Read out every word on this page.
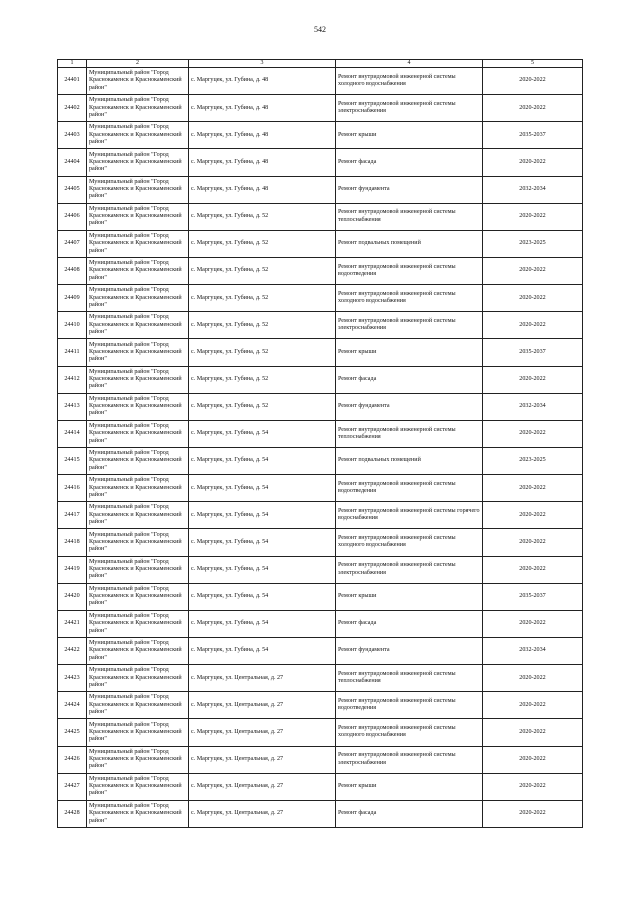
542
1	2	3	4	5
24401	Муниципальный район "Город Краснокаменск и Краснокаменский район"	с. Маргуцек, ул. Губина, д. 48	Ремонт внутридомовой инженерной системы холодного водоснабжения	2020-2022
24402	Муниципальный район "Город Краснокаменск и Краснокаменский район"	с. Маргуцек, ул. Губина, д. 48	Ремонт внутридомовой инженерной системы электроснабжения	2020-2022
24403	Муниципальный район "Город Краснокаменск и Краснокаменский район"	с. Маргуцек, ул. Губина, д. 48	Ремонт крыши	2035-2037
24404	Муниципальный район "Город Краснокаменск и Краснокаменский район"	с. Маргуцек, ул. Губина, д. 48	Ремонт фасада	2020-2022
24405	Муниципальный район "Город Краснокаменск и Краснокаменский район"	с. Маргуцек, ул. Губина, д. 48	Ремонт фундамента	2032-2034
24406	Муниципальный район "Город Краснокаменск и Краснокаменский район"	с. Маргуцек, ул. Губина, д. 52	Ремонт внутридомовой инженерной системы теплоснабжения	2020-2022
24407	Муниципальный район "Город Краснокаменск и Краснокаменский район"	с. Маргуцек, ул. Губина, д. 52	Ремонт подвальных помещений	2023-2025
24408	Муниципальный район "Город Краснокаменск и Краснокаменский район"	с. Маргуцек, ул. Губина, д. 52	Ремонт внутридомовой инженерной системы водоотведения	2020-2022
24409	Муниципальный район "Город Краснокаменск и Краснокаменский район"	с. Маргуцек, ул. Губина, д. 52	Ремонт внутридомовой инженерной системы холодного водоснабжения	2020-2022
24410	Муниципальный район "Город Краснокаменск и Краснокаменский район"	с. Маргуцек, ул. Губина, д. 52	Ремонт внутридомовой инженерной системы электроснабжения	2020-2022
24411	Муниципальный район "Город Краснокаменск и Краснокаменский район"	с. Маргуцек, ул. Губина, д. 52	Ремонт крыши	2035-2037
24412	Муниципальный район "Город Краснокаменск и Краснокаменский район"	с. Маргуцек, ул. Губина, д. 52	Ремонт фасада	2020-2022
24413	Муниципальный район "Город Краснокаменск и Краснокаменский район"	с. Маргуцек, ул. Губина, д. 52	Ремонт фундамента	2032-2034
24414	Муниципальный район "Город Краснокаменск и Краснокаменский район"	с. Маргуцек, ул. Губина, д. 54	Ремонт внутридомовой инженерной системы теплоснабжения	2020-2022
24415	Муниципальный район "Город Краснокаменск и Краснокаменский район"	с. Маргуцек, ул. Губина, д. 54	Ремонт подвальных помещений	2023-2025
24416	Муниципальный район "Город Краснокаменск и Краснокаменский район"	с. Маргуцек, ул. Губина, д. 54	Ремонт внутридомовой инженерной системы водоотведения	2020-2022
24417	Муниципальный район "Город Краснокаменск и Краснокаменский район"	с. Маргуцек, ул. Губина, д. 54	Ремонт внутридомовой инженерной системы горячего водоснабжения	2020-2022
24418	Муниципальный район "Город Краснокаменск и Краснокаменский район"	с. Маргуцек, ул. Губина, д. 54	Ремонт внутридомовой инженерной системы холодного водоснабжения	2020-2022
24419	Муниципальный район "Город Краснокаменск и Краснокаменский район"	с. Маргуцек, ул. Губина, д. 54	Ремонт внутридомовой инженерной системы электроснабжения	2020-2022
24420	Муниципальный район "Город Краснокаменск и Краснокаменский район"	с. Маргуцек, ул. Губина, д. 54	Ремонт крыши	2035-2037
24421	Муниципальный район "Город Краснокаменск и Краснокаменский район"	с. Маргуцек, ул. Губина, д. 54	Ремонт фасада	2020-2022
24422	Муниципальный район "Город Краснокаменск и Краснокаменский район"	с. Маргуцек, ул. Губина, д. 54	Ремонт фундамента	2032-2034
24423	Муниципальный район "Город Краснокаменск и Краснокаменский район"	с. Маргуцек, ул. Центральная, д. 27	Ремонт внутридомовой инженерной системы теплоснабжения	2020-2022
24424	Муниципальный район "Город Краснокаменск и Краснокаменский район"	с. Маргуцек, ул. Центральная, д. 27	Ремонт внутридомовой инженерной системы водоотведения	2020-2022
24425	Муниципальный район "Город Краснокаменск и Краснокаменский район"	с. Маргуцек, ул. Центральная, д. 27	Ремонт внутридомовой инженерной системы холодного водоснабжения	2020-2022
24426	Муниципальный район "Город Краснокаменск и Краснокаменский район"	с. Маргуцек, ул. Центральная, д. 27	Ремонт внутридомовой инженерной системы электроснабжения	2020-2022
24427	Муниципальный район "Город Краснокаменск и Краснокаменский район"	с. Маргуцек, ул. Центральная, д. 27	Ремонт крыши	2020-2022
24428	Муниципальный район "Город Краснокаменск и Краснокаменский район"	с. Маргуцек, ул. Центральная, д. 27	Ремонт фасада	2020-2022
